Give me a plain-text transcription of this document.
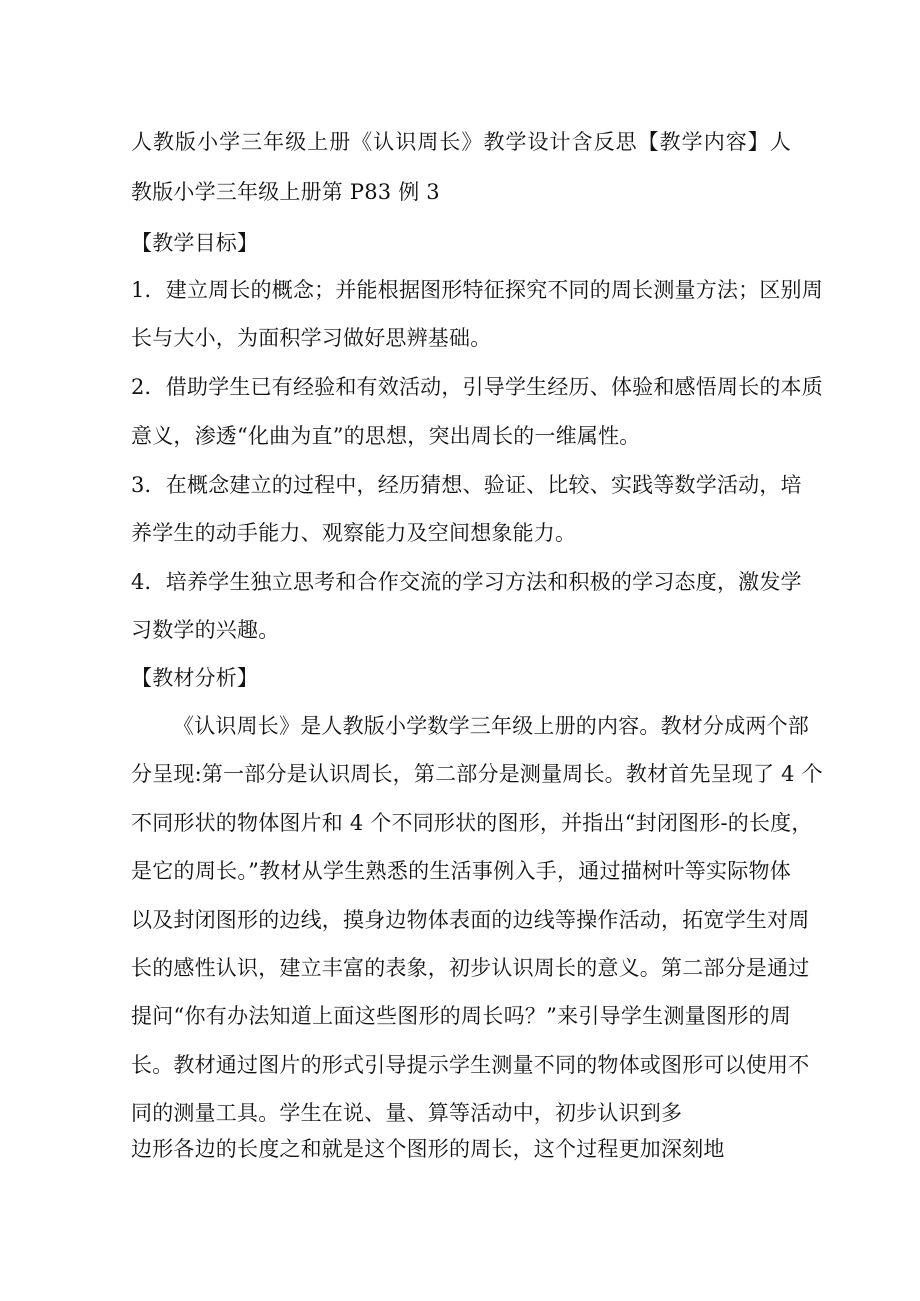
人教版小学三年级上册《认识周长》教学设计含反思【教学内容】人
教版小学三年级上册第 P83 例 3
【教学目标】
1．建立周长的概念；并能根据图形特征探究不同的周长测量方法；区别周
长与大小，为面积学习做好思辨基础。
2．借助学生已有经验和有效活动，引导学生经历、体验和感悟周长的本质
意义，渗透“化曲为直”的思想，突出周长的一维属性。
3．在概念建立的过程中，经历猜想、验证、比较、实践等数学活动，培
养学生的动手能力、观察能力及空间想象能力。
4．培养学生独立思考和合作交流的学习方法和积极的学习态度，激发学
习数学的兴趣。
【教材分析】
《认识周长》是人教版小学数学三年级上册的内容。教材分成两个部
分呈现:第一部分是认识周长，第二部分是测量周长。教材首先呈现了 4 个
不同形状的物体图片和 4 个不同形状的图形，并指出“封闭图形-的长度，
是它的周长。”教材从学生熟悉的生活事例入手，通过描树叶等实际物体
以及封闭图形的边线，摸身边物体表面的边线等操作活动，拓宽学生对周
长的感性认识，建立丰富的表象，初步认识周长的意义。第二部分是通过
提问“你有办法知道上面这些图形的周长吗？”来引导学生测量图形的周
长。教材通过图片的形式引导提示学生测量不同的物体或图形可以使用不
同的测量工具。学生在说、量、算等活动中，初步认识到多
边形各边的长度之和就是这个图形的周长，这个过程更加深刻地
